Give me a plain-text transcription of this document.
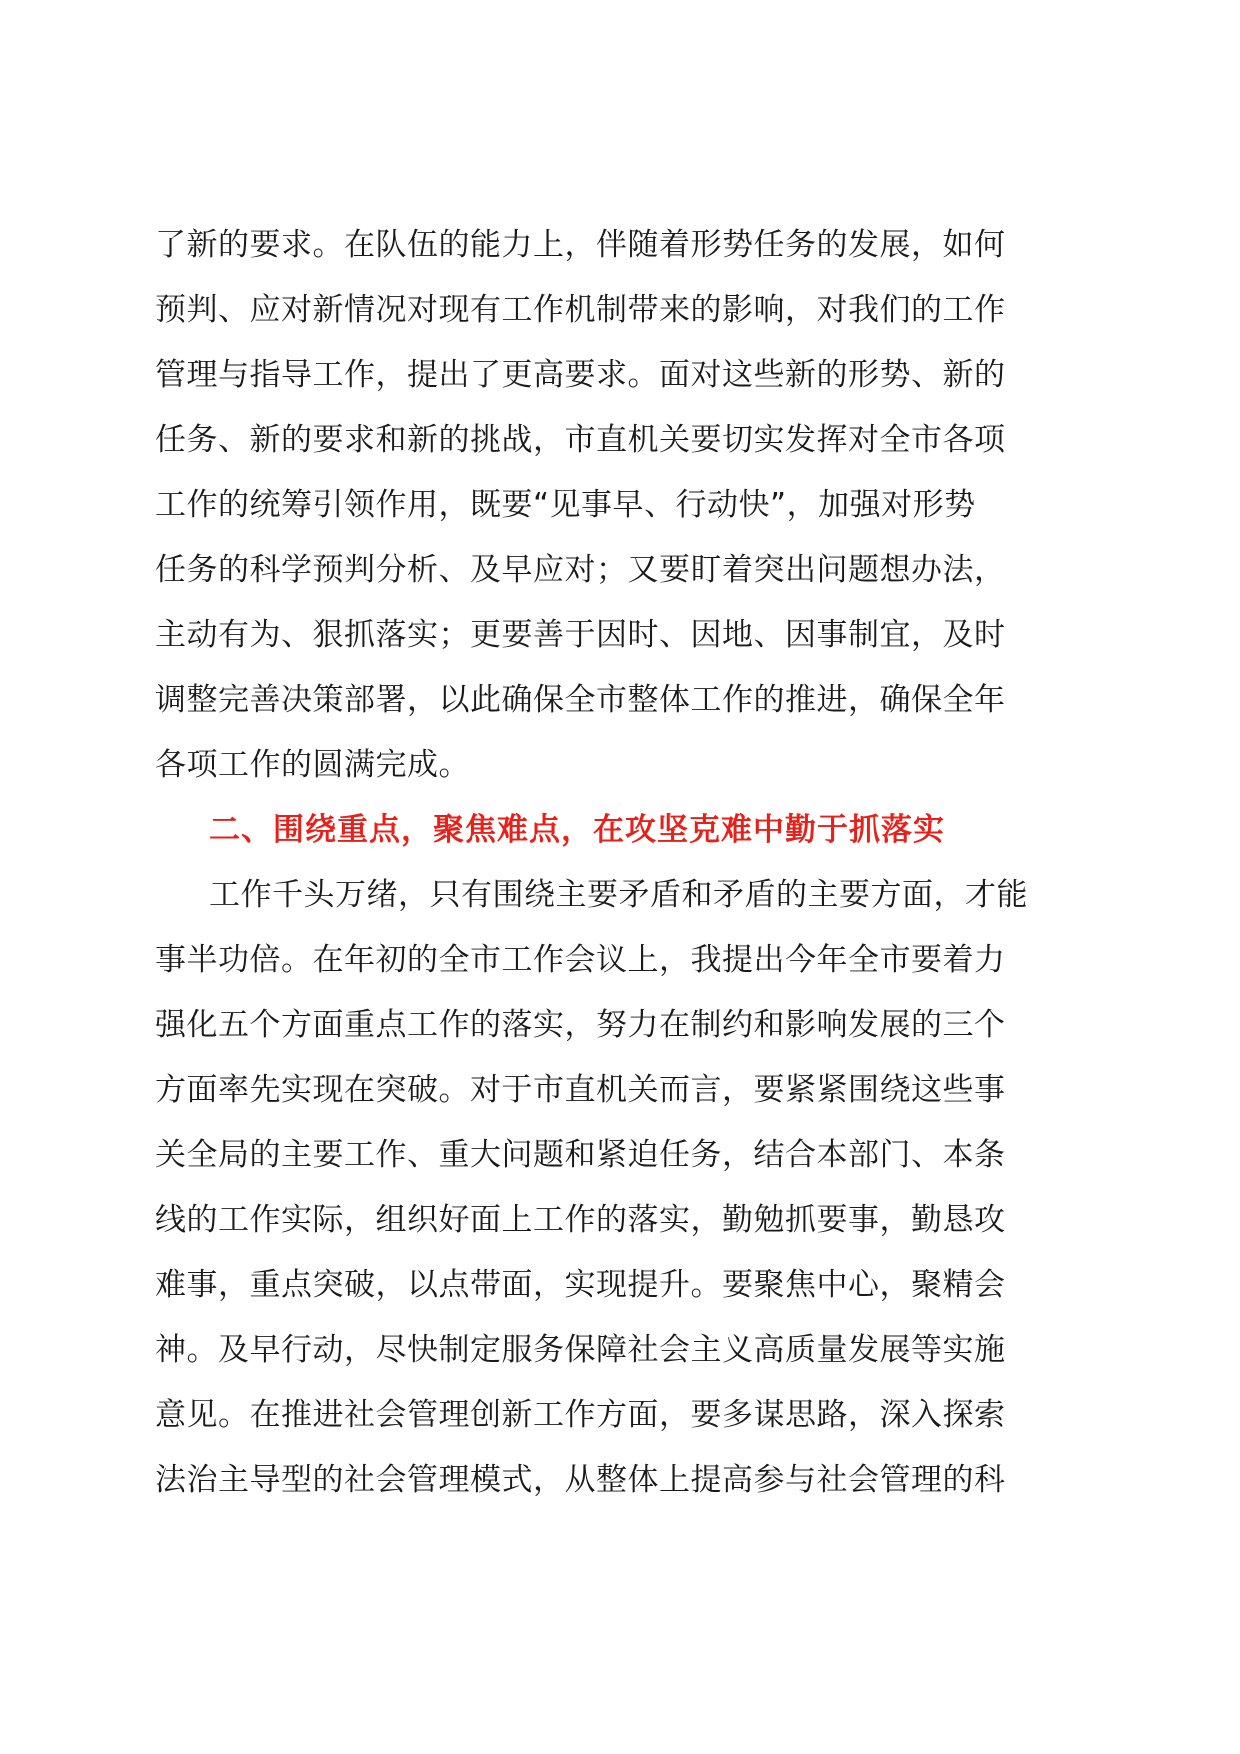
了新的要求。在队伍的能力上，伴随着形势任务的发展，如何
预判、应对新情况对现有工作机制带来的影响，对我们的工作
管理与指导工作，提出了更高要求。面对这些新的形势、新的
任务、新的要求和新的挑战，市直机关要切实发挥对全市各项
工作的统筹引领作用，既要“见事早、行动快”，加强对形势
任务的科学预判分析、及早应对；又要盯着突出问题想办法，
主动有为、狠抓落实；更要善于因时、因地、因事制宜，及时
调整完善决策部署，以此确保全市整体工作的推进，确保全年
各项工作的圆满完成。
二、围绕重点，聚焦难点，在攻坚克难中勤于抓落实
工作千头万绪，只有围绕主要矛盾和矛盾的主要方面，才能
事半功倍。在年初的全市工作会议上，我提出今年全市要着力
强化五个方面重点工作的落实，努力在制约和影响发展的三个
方面率先实现在突破。对于市直机关而言，要紧紧围绕这些事
关全局的主要工作、重大问题和紧迫任务，结合本部门、本条
线的工作实际，组织好面上工作的落实，勤勉抓要事，勤恳攻
难事，重点突破，以点带面，实现提升。要聚焦中心，聚精会
神。及早行动，尽快制定服务保障社会主义高质量发展等实施
意见。在推进社会管理创新工作方面，要多谋思路，深入探索
法治主导型的社会管理模式，从整体上提高参与社会管理的科
